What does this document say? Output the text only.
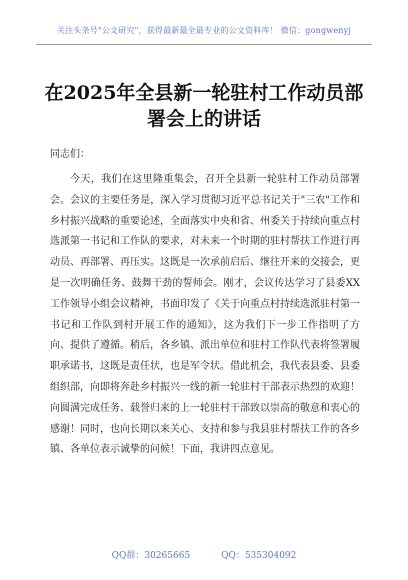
关注头条号"公文研究"，获得最新最全最专业的公文资料库！ 微信：gongwenyj
在2025年全县新一轮驻村工作动员部署会上的讲话
同志们：

今天，我们在这里隆重集会，召开全县新一轮驻村工作动员部署会。会议的主要任务是，深入学习贯彻习近平总书记关于"三农"工作和乡村振兴战略的重要论述，全面落实中央和省、州委关于持续向重点村选派第一书记和工作队的要求，对未来一个时期的驻村帮扶工作进行再动员、再部署、再压实。这既是一次承前启后、继往开来的交接会，更是一次明确任务、鼓舞干劲的誓师会。刚才，会议传达学习了县委XX工作领导小组会议精神，书面印发了《关于向重点村持续选派驻村第一书记和工作队到村开展工作的通知》，这为我们下一步工作指明了方向、提供了遵循。稍后，各乡镇、派出单位和驻村工作队代表将签署履职承诺书，这既是责任状，也是军令状。借此机会，我代表县委、县委组织部，向即将奔赴乡村振兴一线的新一轮驻村干部表示热烈的欢迎！向圆满完成任务、载誉归来的上一轮驻村干部致以崇高的敬意和衷心的感谢！同时，也向长期以来关心、支持和参与我县驻村帮扶工作的各乡镇、各单位表示诚挚的问候！下面，我讲四点意见。

QQ群：30265665	QQ：535304092
